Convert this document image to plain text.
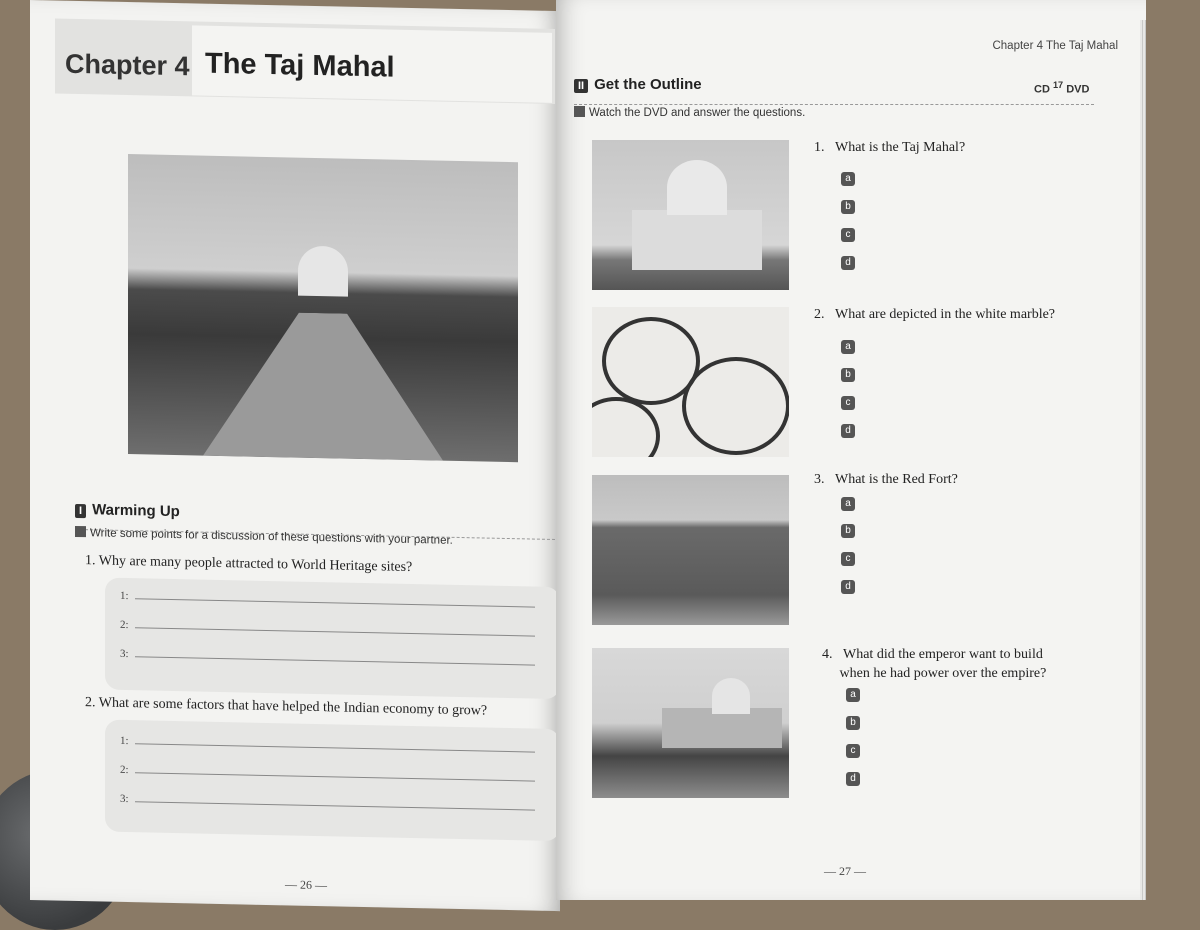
Chapter 4 The Taj Mahal
I Warming Up
Write some points for a discussion of these questions with your partner.
1. Why are many people attracted to World Heritage sites?
1:
2:
3:
2. What are some factors that have helped the Indian economy to grow?
1:
2:
3:
— 26 —
Chapter 4 The Taj Mahal
II Get the Outline	CD $^{17}$ DVD
Watch the DVD and answer the questions.
1. What is the Taj Mahal?
a
b
c
d
2. What are depicted in the white marble?
a
b
c
d
3. What is the Red Fort?
a
b
c
d
4. What did the emperor want to build
when he had power over the empire?
a
b
c
d
— 27 —
